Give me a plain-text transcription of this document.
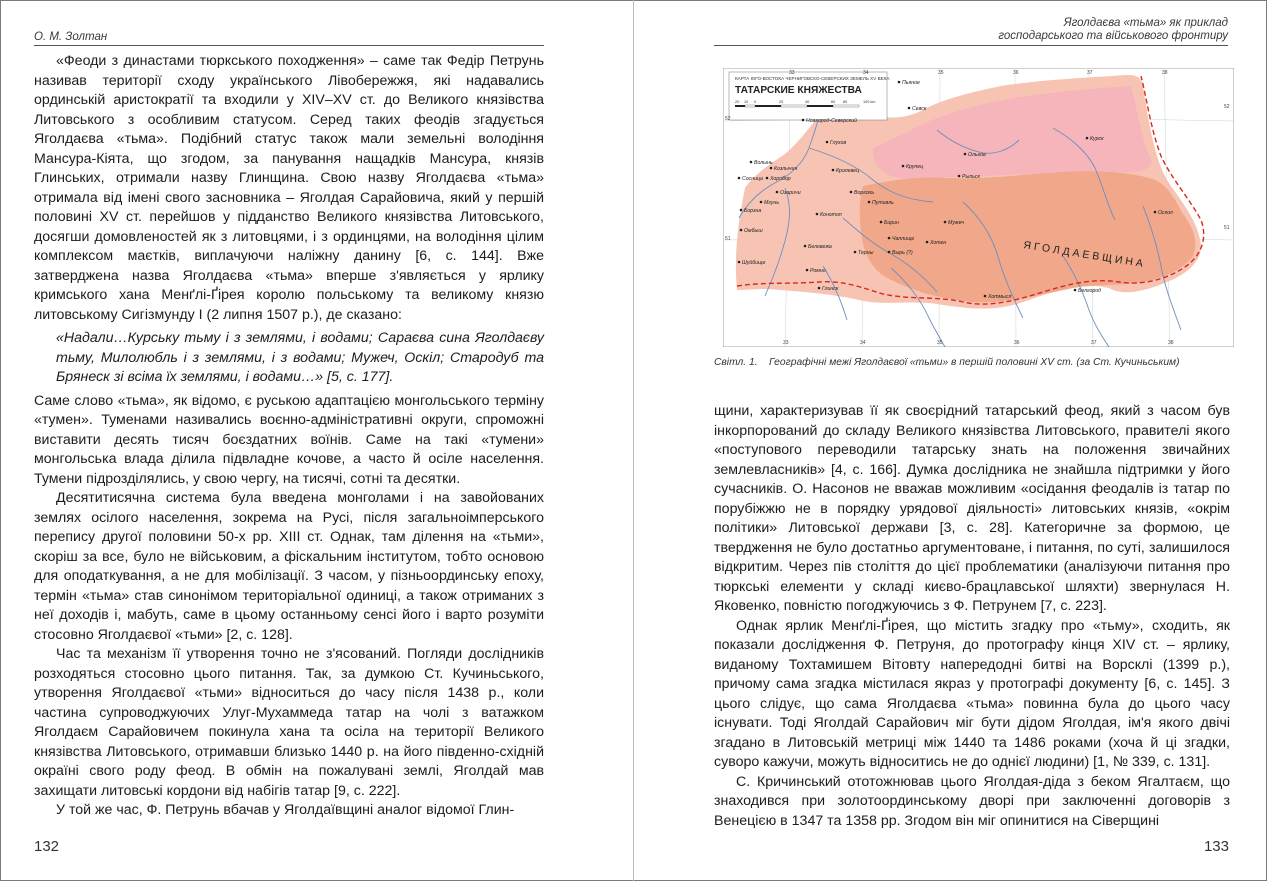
О. М. Золтан

«Феоди з династами тюркського походження» – саме так Федір Петрунь називав території сходу українського Лівобережжя, які надавались ординській аристократії та входили у XIV–XV ст. до Великого князівства Литовського з особливим статусом. Серед таких феодів згадується Яголдаєва «тьма». Подібний статус також мали земельні володіння Мансура-Кіята, що згодом, за панування нащадків Мансура, князів Глинських, отримали назву Глинщина. Свою назву Яголдаєва «тьма» отримала від імені свого засновника – Яголдая Сарайовича, який у першій половині XV ст. перейшов у підданство Великого князівства Литовського, досягши домовленостей як з литовцями, і з ординцями, на володіння цілим комплексом маєтків, виплачуючи наліжну данину [6, с. 144]. Вже затверджена назва Яголдаєва «тьма» вперше з'являється у ярлику кримського хана Менґлі-Ґірея королю польському та великому князю литовському Сигізмунду І (2 липня 1507 р.), де сказано:

«Надали…Курську тьму і з землями, і водами; Сараєва сина Яголдаєву тьму, Милолюбль і з землями, і з водами; Мужеч, Оскіл; Стародуб та Брянеск зі всіма їх землями, і водами…» [5, с. 177].

Саме слово «тьма», як відомо, є руською адаптацією монгольського терміну «тумен». Туменами називались воєнно-адміністративні округи, спроможні виставити десять тисяч боєздатних воїнів. Саме на такі «тумени» монгольська влада ділила підвладне кочове, а часто й осіле населення. Тумени підрозділялись, у свою чергу, на тисячі, сотні та десятки.

Десятитисячна система була введена монголами і на завойованих землях осілого населення, зокрема на Русі, після загальноімперського перепису другої половини 50-х рр. XIII ст. Однак, там ділення на «тьми», скоріш за все, було не військовим, а фіскальним інститутом, тобто основою для оподаткування, а не для мобілізації. З часом, у пізньоординську епоху, термін «тьма» став синонімом територіальної одиниці, а також отриманих з неї доходів і, мабуть, саме в цьому останньому сенсі його і варто розуміти стосовно Яголдаєвої «тьми» [2, с. 128].

Час та механізм її утворення точно не з'ясований. Погляди дослідників розходяться стосовно цього питання. Так, за думкою Ст. Кучиньського, утворення Яголдаєвої «тьми» відноситься до часу після 1438 р., коли частина супроводжуючих Улуг-Мухаммеда татар на чолі з ватажком Яголдаєм Сарайовичем покинула хана та осіла на території Великого князівства Литовського, отримавши близько 1440 р. на його південно-східній окраїні свого роду феод. В обмін на пожалувані землі, Яголдай мав захищати литовські кордони від набігів татар [9, с. 222].

У той же час, Ф. Петрунь вбачав у Яголдаївщині аналог відомої Глин-

132
Яголдаєва «тьма» як приклад
господарського та військового фронтиру
КАРТА ЮГО-ВОСТОКА ЧЕРНИГОВСКО-СЕВЕРСКИХ ЗЕМЕЛЬ XV ВЕКА
ТАТАРСКИЕ КНЯЖЕСТВА
20 10 0	20	40	60 80	100 km
33	34	35	36	37	38
33	34	35	36	37	38
52
51
52
51
ЯГОЛДАЕВЩИНА
Пьяное
Севск
Новгород-Северский
Глухов
Ольгов
Курск
Волынь
Козлычич	Кролевец
Крупец
Рыльск
Сосница Хоробор
Озаричи	Ворголь
Мгунь	Путивль
Борзна
Конотоп
Бирин	Мужеч
Оскол
Омбыш
Чаплище
Хотен
Беловежа
Терны	Вырь (?)
Шуйбище
Ромно
Глинск
Хотмысл
Белгород
Світл. 1. Географічні межі Яголдаєвої «тьми» в першій половині XV ст. (за Ст. Кучиньським)

щини, характеризував її як своєрідний татарський феод, який з часом був інкорпорований до складу Великого князівства Литовського, правителі якого «поступового переводили татарську знать на положення звичайних землевласників» [4, с. 166]. Думка дослідника не знайшла підтримки у його сучасників. О. Насонов не вважав можливим «осідання феодалів із татар по порубіжжю не в порядку урядової діяльності» литовських князів, «окрім політики» Литовської держави [3, с. 28]. Категоричне за формою, це твердження не було достатньо аргументоване, і питання, по суті, залишилося відкритим. Через пів століття до цієї проблематики (аналізуючи питання про тюркські елементи у складі києво-брацлавської шляхти) звернулася Н. Яковенко, повністю погоджуючись з Ф. Петрунем [7, с. 223].

Однак ярлик Менґлі-Ґірея, що містить згадку про «тьму», сходить, як показали дослідження Ф. Петруня, до протографу кінця XIV ст. – ярлику, виданому Тохтамишем Вітовту напередодні битві на Ворсклі (1399 р.), причому сама згадка містилася якраз у протографі документу [6, с. 145]. З цього слідує, що сама Яголдаєва «тьма» повинна була до цього часу існувати. Тоді Яголдай Сарайович міг бути дідом Яголдая, ім'я якого двічі згадано в Литовській метриці між 1440 та 1486 роками (хоча й ці згадки, суворо кажучи, можуть відноситись не до однієї людини) [1, № 339, с. 131].

С. Кричинський ототожнював цього Яголдая-діда з беком Ягалтаєм, що знаходився при золотоординському дворі при заключенні договорів з Венецією в 1347 та 1358 рр. Згодом він міг опинитися на Сіверщині

133
